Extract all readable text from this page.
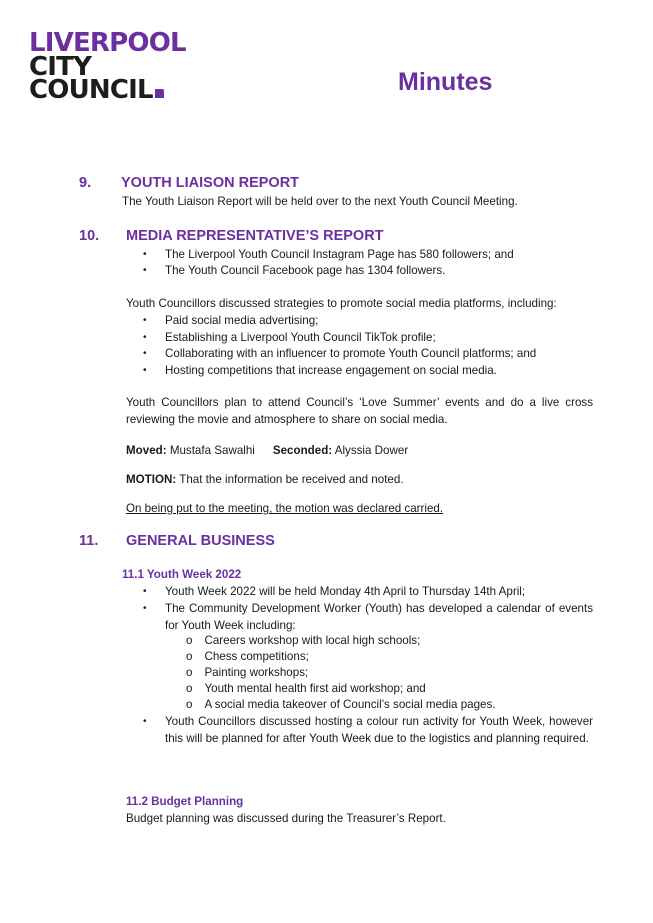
LIVERPOOL
CITY
COUNCIL	Minutes
9. YOUTH LIAISON REPORT
The Youth Liaison Report will be held over to the next Youth Council Meeting.
10. MEDIA REPRESENTATIVE’S REPORT
• The Liverpool Youth Council Instagram Page has 580 followers; and
• The Youth Council Facebook page has 1304 followers.
Youth Councillors discussed strategies to promote social media platforms, including:
• Paid social media advertising;
• Establishing a Liverpool Youth Council TikTok profile;
• Collaborating with an influencer to promote Youth Council platforms; and
• Hosting competitions that increase engagement on social media.
Youth Councillors plan to attend Council’s ‘Love Summer’ events and do a live cross reviewing the movie and atmosphere to share on social media.
Moved: Mustafa Sawalhi Seconded: Alyssia Dower
MOTION: That the information be received and noted.
On being put to the meeting, the motion was declared carried.
11. GENERAL BUSINESS
11.1 Youth Week 2022
• Youth Week 2022 will be held Monday 4th April to Thursday 14th April;
• The Community Development Worker (Youth) has developed a calendar of events for Youth Week including:
o Careers workshop with local high schools;
o Chess competitions;
o Painting workshops;
o Youth mental health first aid workshop; and
o A social media takeover of Council’s social media pages.
• Youth Councillors discussed hosting a colour run activity for Youth Week, however this will be planned for after Youth Week due to the logistics and planning required.
11.2 Budget Planning
Budget planning was discussed during the Treasurer’s Report.
